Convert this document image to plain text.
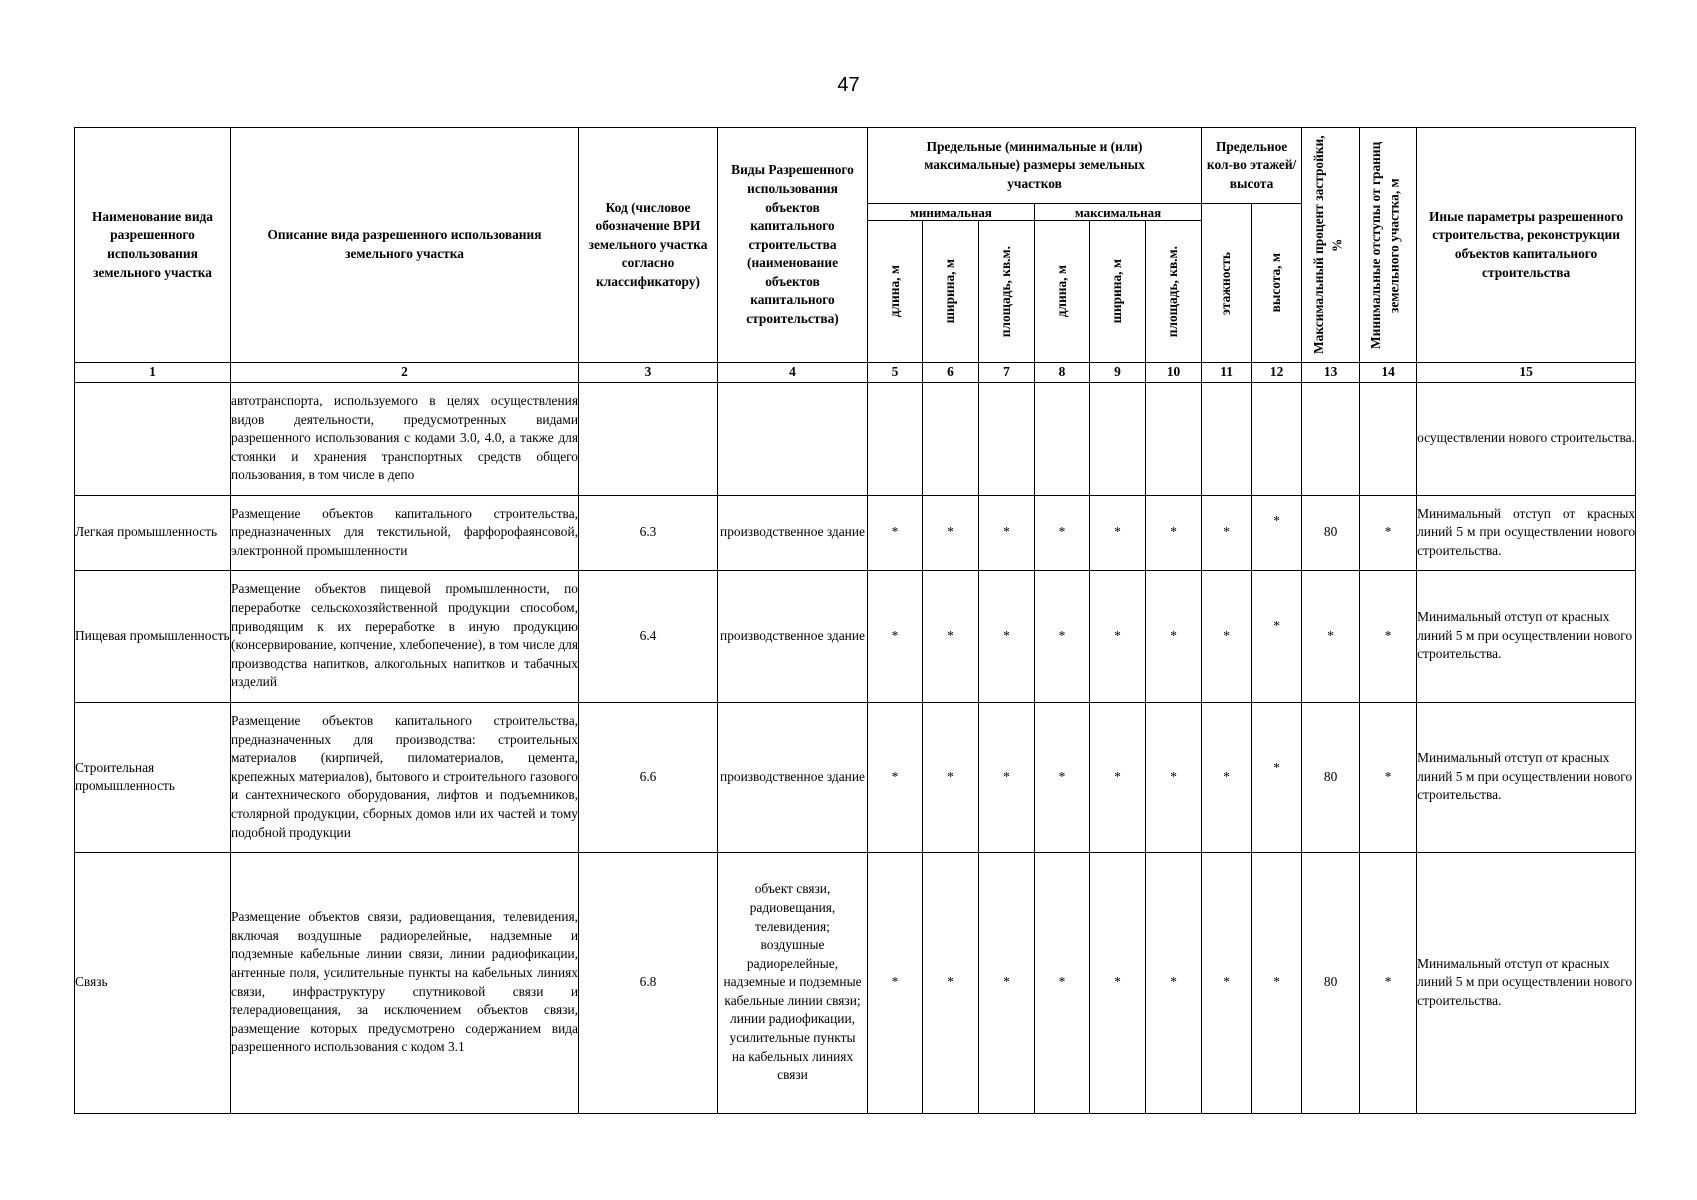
47
Наименование вида разрешенного использования земельного участка	Описание вида разрешенного использования земельного участка	Код (числовое обозначение ВРИ земельного участка согласно классификатору)	Виды Разрешенного использования объектов капитального строительства (наименование объектов капитального строительства)	Предельные (минимальные и (или) максимальные) размеры земельных участков						Предельное кол-во этажей/ высота		Максимальный процент застройки, %	Минимальные отступы от границ земельного участка, м	Иные параметры разрешенного строительства, реконструкции объектов капитального строительства
				минимальная			максимальная			этажность	высота, м			

				длина, м	ширина, м	площадь, кв.м.	длина, м	ширина, м	площадь, кв.м.					

1	2	3	4	5	6	7	8	9	10	11	12	13	14	15
	автотранспорта, используемого в целях осуществления видов деятельности, предусмотренных видами разрешенного использования с кодами 3.0, 4.0, а также для стоянки и хранения транспортных средств общего пользования, в том числе в депо													осуществлении нового строительства.
Легкая промышленность	Размещение объектов капитального строительства, предназначенных для текстильной, фарфорофаянсовой, электронной промышленности	6.3	производственное здание	*	*	*	*	*	*	*	*	80	*	Минимальный отступ от красных линий 5 м при осуществлении нового строительства.
Пищевая промышленность	Размещение объектов пищевой промышленности, по переработке сельскохозяйственной продукции способом, приводящим к их переработке в иную продукцию (консервирование, копчение, хлебопечение), в том числе для производства напитков, алкогольных напитков и табачных изделий	6.4	производственное здание	*	*	*	*	*	*	*	*	*	*	Минимальный отступ от красных линий 5 м при осуществлении нового строительства.
Строительная промышленность	Размещение объектов капитального строительства, предназначенных для производства: строительных материалов (кирпичей, пиломатериалов, цемента, крепежных материалов), бытового и строительного газового и сантехнического оборудования, лифтов и подъемников, столярной продукции, сборных домов или их частей и тому подобной продукции	6.6	производственное здание	*	*	*	*	*	*	*	*	80	*	Минимальный отступ от красных линий 5 м при осуществлении нового строительства.
Связь	Размещение объектов связи, радиовещания, телевидения, включая воздушные радиорелейные, надземные и подземные кабельные линии связи, линии радиофикации, антенные поля, усилительные пункты на кабельных линиях связи, инфраструктуру спутниковой связи и телерадиовещания, за исключением объектов связи, размещение которых предусмотрено содержанием вида разрешенного использования с кодом 3.1	6.8	объект связи, радиовещания, телевидения; воздушные радиорелейные, надземные и подземные кабельные линии связи; линии радиофикации, усилительные пункты на кабельных линиях связи	*	*	*	*	*	*	*	*	80	*	Минимальный отступ от красных линий 5 м при осуществлении нового строительства.
